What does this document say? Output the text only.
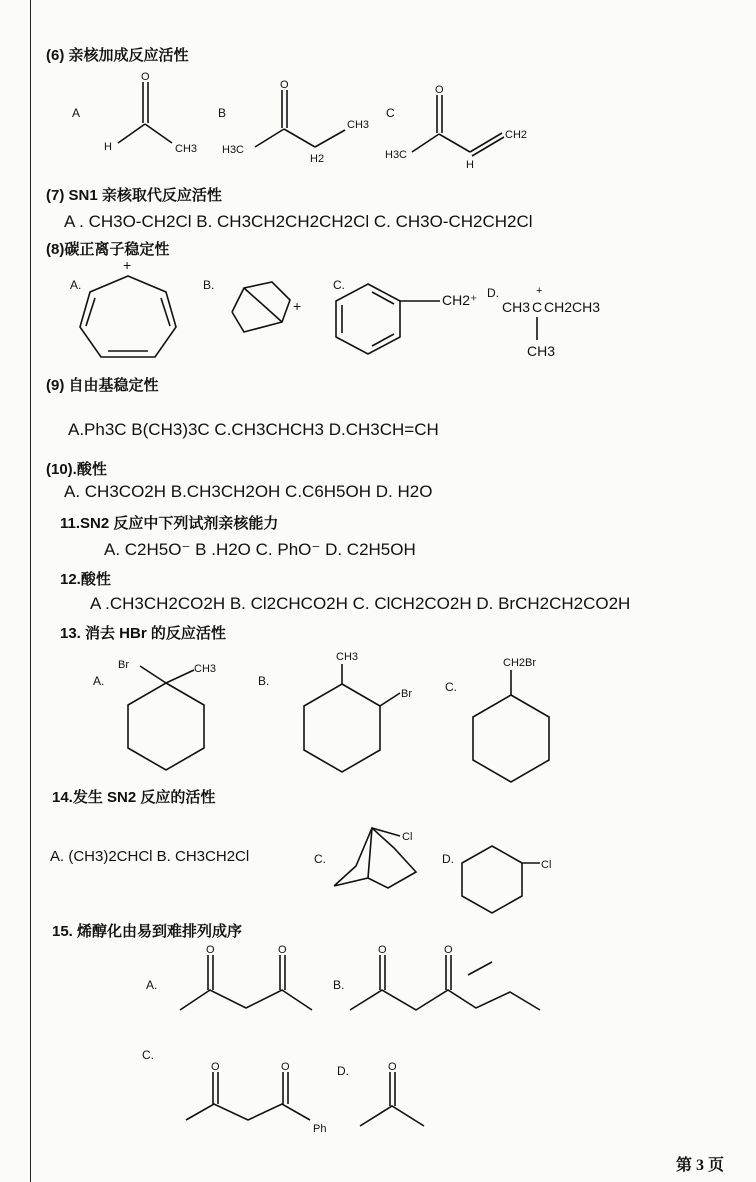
(6) 亲核加成反应活性
A	B	C
O
H	CH3
O
H3C
H2
CH3
O
H3C
H
CH2
(7) SN1 亲核取代反应活性
A . CH3O-CH2Cl B. CH3CH2CH2CH2Cl C. CH3O-CH2CH2Cl
(8)碳正离子稳定性
A.	B.	C.
D.
+
+	CH2⁺ CH3 C
+
CH2CH3
CH3
(9) 自由基稳定性
A.Ph3C B(CH3)3C C.CH3CHCH3 D.CH3CH=CH
(10).酸性
A. CH3CO2H B.CH3CH2OH C.C6H5OH D. H2O
11.SN2 反应中下列试剂亲核能力
A. C2H5O⁻ B .H2O C. PhO⁻ D. C2H5OH
12.酸性
A .CH3CH2CO2H B. Cl2CHCO2H C. ClCH2CO2H D. BrCH2CH2CO2H
13. 消去 HBr 的反应活性
A.	B.	C.
Br	CH3
CH3
Br
CH2Br
14.发生 SN2 反应的活性
A. (CH3)2CHCl B. CH3CH2Cl	C.	D.
Cl
Cl
15. 烯醇化由易到难排列成序
A.	B.
C.
D.
O	O	O	O
O	O
Ph
O
第 3 页
